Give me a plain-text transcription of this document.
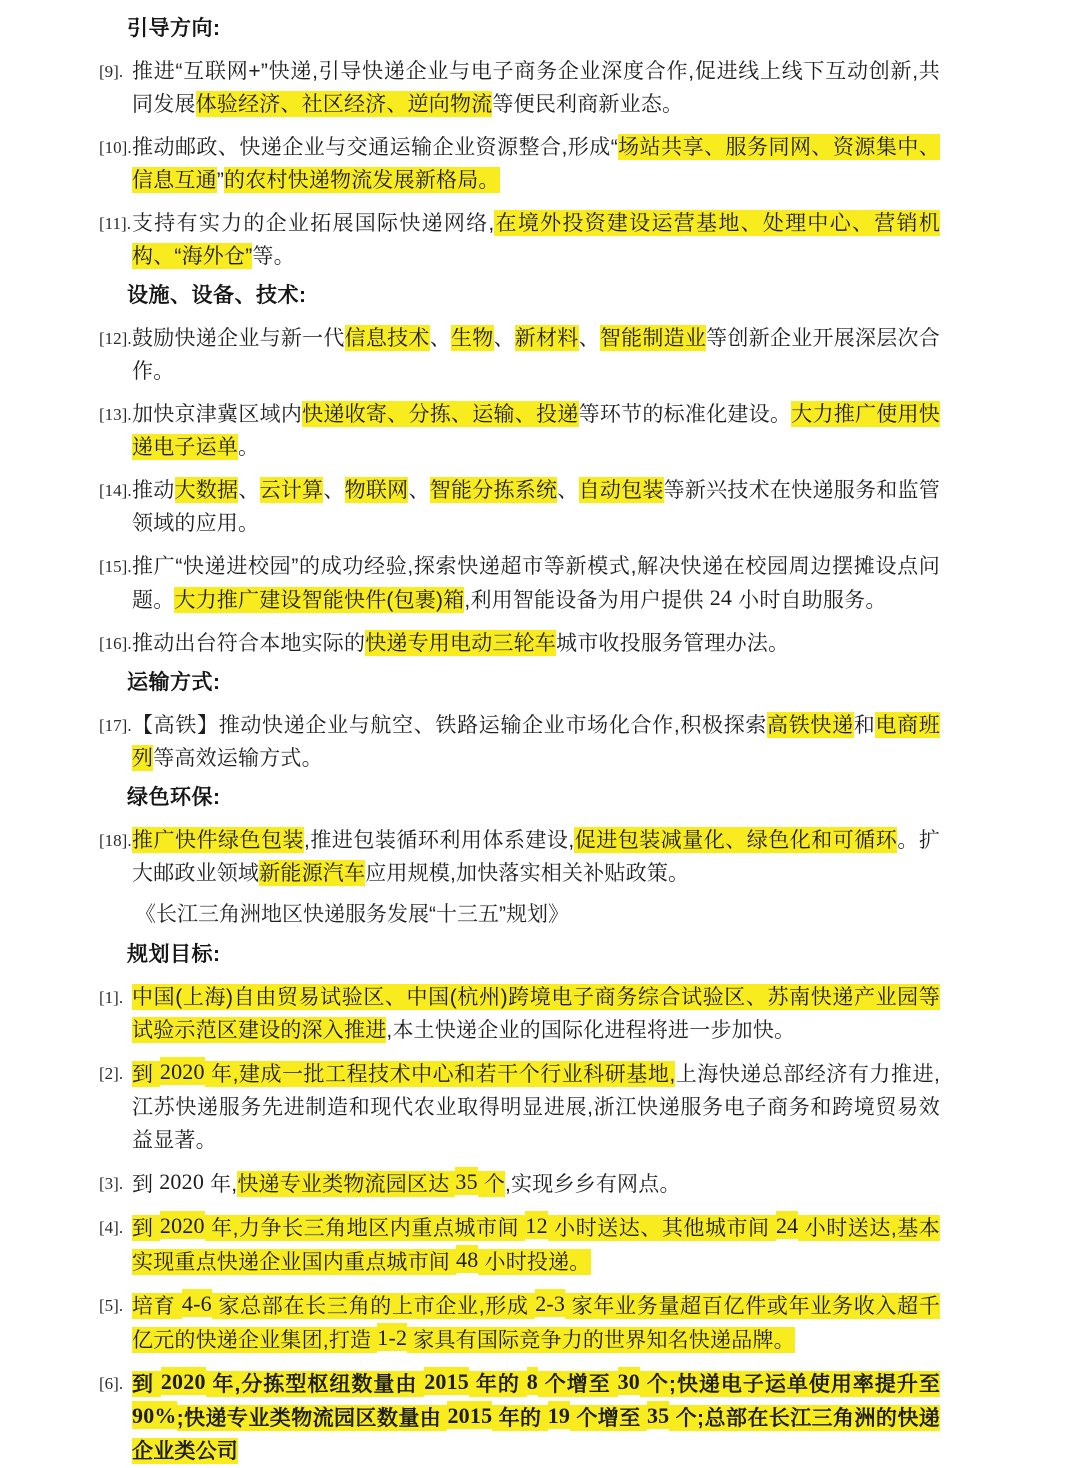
引导方向:
[9]. 推进“互联网+”快递,引导快递企业与电子商务企业深度合作,促进线上线下互动创新,共同发展体验经济、社区经济、逆向物流等便民利商新业态。
[10]. 推动邮政、快递企业与交通运输企业资源整合,形成“场站共享、服务同网、资源集中、信息互通”的农村快递物流发展新格局。
[11]. 支持有实力的企业拓展国际快递网络,在境外投资建设运营基地、处理中心、营销机构、“海外仓”等。
设施、设备、技术:
[12]. 鼓励快递企业与新一代信息技术、生物、新材料、智能制造业等创新企业开展深层次合作。
[13]. 加快京津冀区域内快递收寄、分拣、运输、投递等环节的标准化建设。大力推广使用快递电子运单。
[14]. 推动大数据、云计算、物联网、智能分拣系统、自动包装等新兴技术在快递服务和监管领域的应用。
[15]. 推广“快递进校园”的成功经验,探索快递超市等新模式,解决快递在校园周边摆摊设点问题。大力推广建设智能快件(包裹)箱,利用智能设备为用户提供 24 小时自助服务。
[16]. 推动出台符合本地实际的快递专用电动三轮车城市收投服务管理办法。
运输方式:
[17]. 【高铁】推动快递企业与航空、铁路运输企业市场化合作,积极探索高铁快递和电商班列等高效运输方式。
绿色环保:
[18]. 推广快件绿色包装,推进包装循环利用体系建设,促进包装减量化、绿色化和可循环。扩大邮政业领域新能源汽车应用规模,加快落实相关补贴政策。
《长江三角洲地区快递服务发展“十三五”规划》
规划目标:
[1]. 中国(上海)自由贸易试验区、中国(杭州)跨境电子商务综合试验区、苏南快递产业园等试验示范区建设的深入推进,本土快递企业的国际化进程将进一步加快。
[2]. 到 2020 年,建成一批工程技术中心和若干个行业科研基地,上海快递总部经济有力推进,江苏快递服务先进制造和现代农业取得明显进展,浙江快递服务电子商务和跨境贸易效益显著。
[3]. 到 2020 年,快递专业类物流园区达 35 个,实现乡乡有网点。
[4]. 到 2020 年,力争长三角地区内重点城市间 12 小时送达、其他城市间 24 小时送达,基本实现重点快递企业国内重点城市间 48 小时投递。
[5]. 培育 4-6 家总部在长三角的上市企业,形成 2-3 家年业务量超百亿件或年业务收入超千亿元的快递企业集团,打造 1-2 家具有国际竞争力的世界知名快递品牌。
[6]. 到 2020 年,分拣型枢纽数量由 2015 年的 8 个增至 30 个;快递电子运单使用率提升至 90%;快递专业类物流园区数量由 2015 年的 19 个增至 35 个;总部在长江三角洲的快递企业类公司
